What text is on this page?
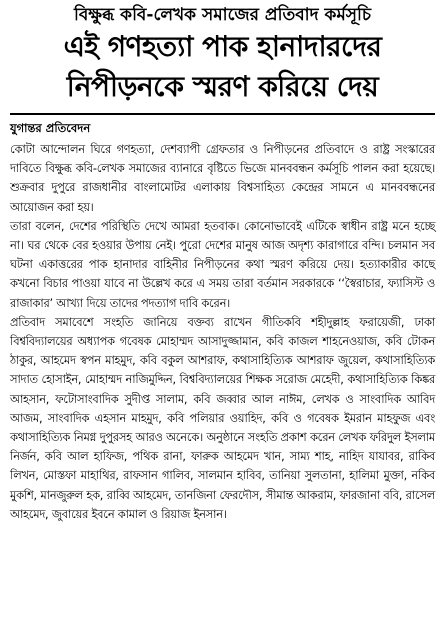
বিক্ষুব্ধ কবি-লেখক সমাজের প্রতিবাদ কর্মসূচি
এই গণহত্যা পাক হানাদারদের
নিপীড়নকে স্মরণ করিয়ে দেয়
যুগান্তর প্রতিবেদন

কোটা আন্দোলন ঘিরে গণহত্যা, দেশব্যাপী গ্রেফতার ও নিপীড়নের প্রতিবাদে ও রাষ্ট্র সংস্কারের দাবিতে বিক্ষুব্ধ কবি-লেখক সমাজের ব্যানারে বৃষ্টিতে ভিজে মানববন্ধন কর্মসূচি পালন করা হয়েছে। শুক্রবার দুপুরে রাজধানীর বাংলামোটর এলাকায় বিশ্বসাহিত্য কেন্দ্রের সামনে এ মানববন্ধনের আয়োজন করা হয়।

তারা বলেন, দেশের পরিস্থিতি দেখে আমরা হতবাক। কোনোভাবেই এটিকে স্বাধীন রাষ্ট্র মনে হচ্ছে না। ঘর থেকে বের হওয়ার উপায় নেই। পুরো দেশের মানুষ আজ অদৃশ্য কারাগারে বন্দি। চলমান সব ঘটনা একাত্তরের পাক হানাদার বাহিনীর নিপীড়নের কথা স্মরণ করিয়ে দেয়। হত্যাকারীর কাছে কখনো বিচার পাওয়া যাবে না উল্লেখ করে এ সময় তারা বর্তমান সরকারকে ‘‘স্বৈরাচার, ফ্যাসিস্ট ও রাজাকার’ আখ্যা দিয়ে তাদের পদত্যাগ দাবি করেন।

প্রতিবাদ সমাবেশে সংহতি জানিয়ে বক্তব্য রাখেন গীতিকবি শহীদুল্লাহ ফরায়েজী, ঢাকা বিশ্ববিদ্যালয়ের অধ্যাপক গবেষক মোহাম্মদ আসাদুজ্জামান, কবি কাজল শাহনেওয়াজ, কবি টোকন ঠাকুর, আহমেদ স্বপন মাহমুদ, কবি বকুল আশরাফ, কথাসাহিত্যিক আশরাফ জুয়েল, কথাসাহিত্যিক সাদাত হোসাইন, মোহাম্মদ নাজিমুদ্দিন, বিশ্ববিদ্যালয়ের শিক্ষক সরোজ মেহেদী, কথাসাহিত্যিক কিঙ্কর আহসান, ফটোসাংবাদিক সুদীপ্ত সালাম, কবি জব্বার আল নাঈম, লেখক ও সাংবাদিক আবিদ আজম, সাংবাদিক এহসান মাহমুদ, কবি পলিয়ার ওয়াহিদ, কবি ও গবেষক ইমরান মাহফুজ এবং কথাসাহিত্যিক নিমগ্ন দুপুরসহ আরও অনেকে। অনুষ্ঠানে সংহতি প্রকাশ করেন লেখক ফরিদুল ইসলাম নির্জন, কবি আল হাফিজ, পথিক রানা, ফারুক আহমেদ খান, সাম্য শাহ, নাহিদ যাযাবর, রাকিব লিখন, মোস্তফা মাহাথির, রাফসান গালিব, সালমান হাবিব, তানিয়া সুলতানা, হালিমা মুক্তা, নকিব মুকশি, মানজুরুল হক, রাব্বি আহমেদ, তানজিনা ফেরদৌস, সীমান্ত আকরাম, ফারজানা ববি, রাসেল আহমেদ, জুবায়ের ইবনে কামাল ও রিয়াজ ইনসান।
